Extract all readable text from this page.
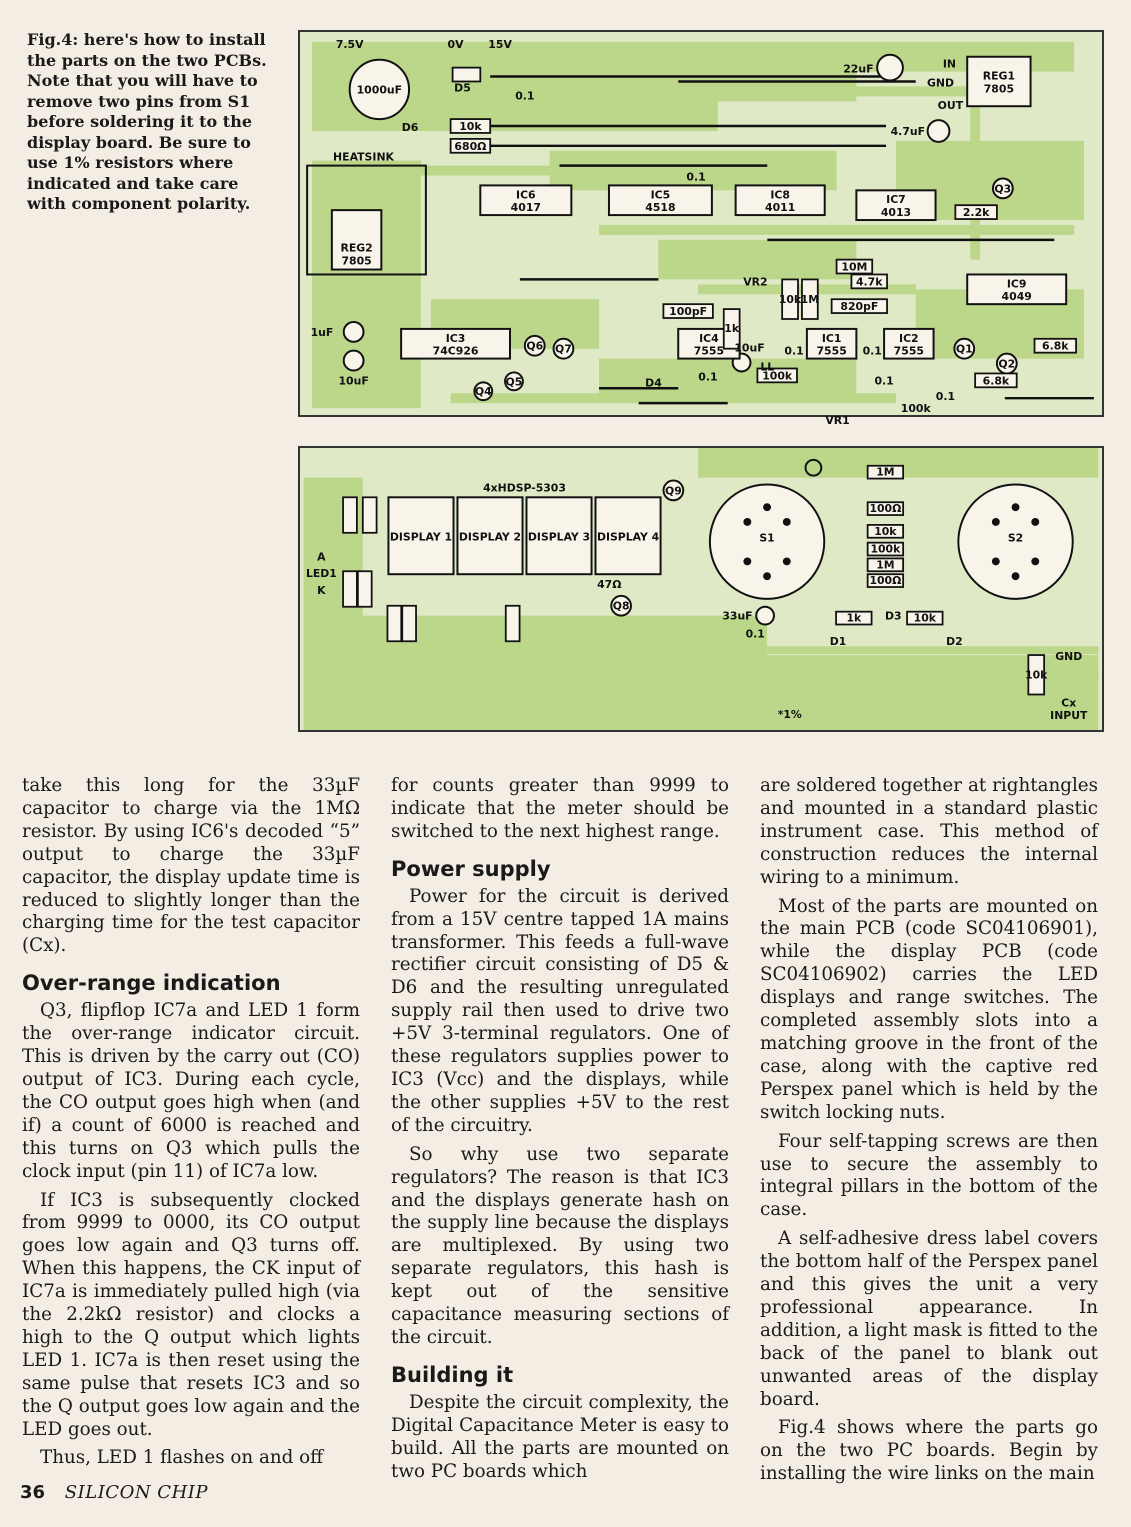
Fig.4: here's how to install the parts on the two PCBs. Note that you will have to remove two pins from S1 before soldering it to the display board. Be sure to use 1% resistors where indicated and take care with component polarity.
7.5V	0V 15V
1000uF	D5
D6
0.1
10k
680Ω
HEATSINK
IC6
4017
IC5
4518
IC8
4011
IC7
4013
Q3
2.2k
REG2
7805
22uF	IN
GND
OUT
REG1
7805
4.7uF
0.1
IC9
4049
10M
4.7k
820pF
100pF
VR2
10k 1M
1k
IC3
74C926	Q6 Q7
Q5
Q4
IC4
7555 10uF
LL
IC1
7555
IC2
7555	Q1
Q2
6.8k
6.8k
1uF
10uF	D4
100k
100k
VR1
0.1
0.1	0.1
0.1
0.1
4xHDSP-5303
DISPLAY 1 DISPLAY 2 DISPLAY 3 DISPLAY 4
Q9
Q8
47Ω
LED1
A
K
1M
100Ω
10k
100k
1M
100Ω
S1	S2
33uF
0.1
1k D3 10k
D1	D2
GND
Cx
INPUT
10k
*1%

take this long for the 33µF capacitor to charge via the 1MΩ resistor. By using IC6's decoded “5” output to charge the 33µF capacitor, the display update time is reduced to slightly longer than the charging time for the test capacitor (Cx).

Over-range indication

Q3, flipflop IC7a and LED 1 form the over-range indicator circuit. This is driven by the carry out (CO) output of IC3. During each cycle, the CO output goes high when (and if) a count of 6000 is reached and this turns on Q3 which pulls the clock input (pin 11) of IC7a low.

If IC3 is subsequently clocked from 9999 to 0000, its CO output goes low again and Q3 turns off. When this happens, the CK input of IC7a is immediately pulled high (via the 2.2kΩ resistor) and clocks a high to the Q output which lights LED 1. IC7a is then reset using the same pulse that resets IC3 and so the Q output goes low again and the LED goes out.

Thus, LED 1 flashes on and off

for counts greater than 9999 to indicate that the meter should be switched to the next highest range.

Power supply

Power for the circuit is derived from a 15V centre tapped 1A mains transformer. This feeds a full-wave rectifier circuit consisting of D5 & D6 and the resulting unregulated supply rail then used to drive two +5V 3-terminal regulators. One of these regulators supplies power to IC3 (Vcc) and the displays, while the other supplies +5V to the rest of the circuitry.

So why use two separate regulators? The reason is that IC3 and the displays generate hash on the supply line because the displays are multiplexed. By using two separate regulators, this hash is kept out of the sensitive capacitance measuring sections of the circuit.

Building it

Despite the circuit complexity, the Digital Capacitance Meter is easy to build. All the parts are mounted on two PC boards which

are soldered together at rightangles and mounted in a standard plastic instrument case. This method of construction reduces the internal wiring to a minimum.

Most of the parts are mounted on the main PCB (code SC04106901), while the display PCB (code SC04106902) carries the LED displays and range switches. The completed assembly slots into a matching groove in the front of the case, along with the captive red Perspex panel which is held by the switch locking nuts.

Four self-tapping screws are then use to secure the assembly to integral pillars in the bottom of the case.

A self-adhesive dress label covers the bottom half of the Perspex panel and this gives the unit a very professional appearance. In addition, a light mask is fitted to the back of the panel to blank out unwanted areas of the display board.

Fig.4 shows where the parts go on the two PC boards. Begin by installing the wire links on the main

36 SILICON CHIP
